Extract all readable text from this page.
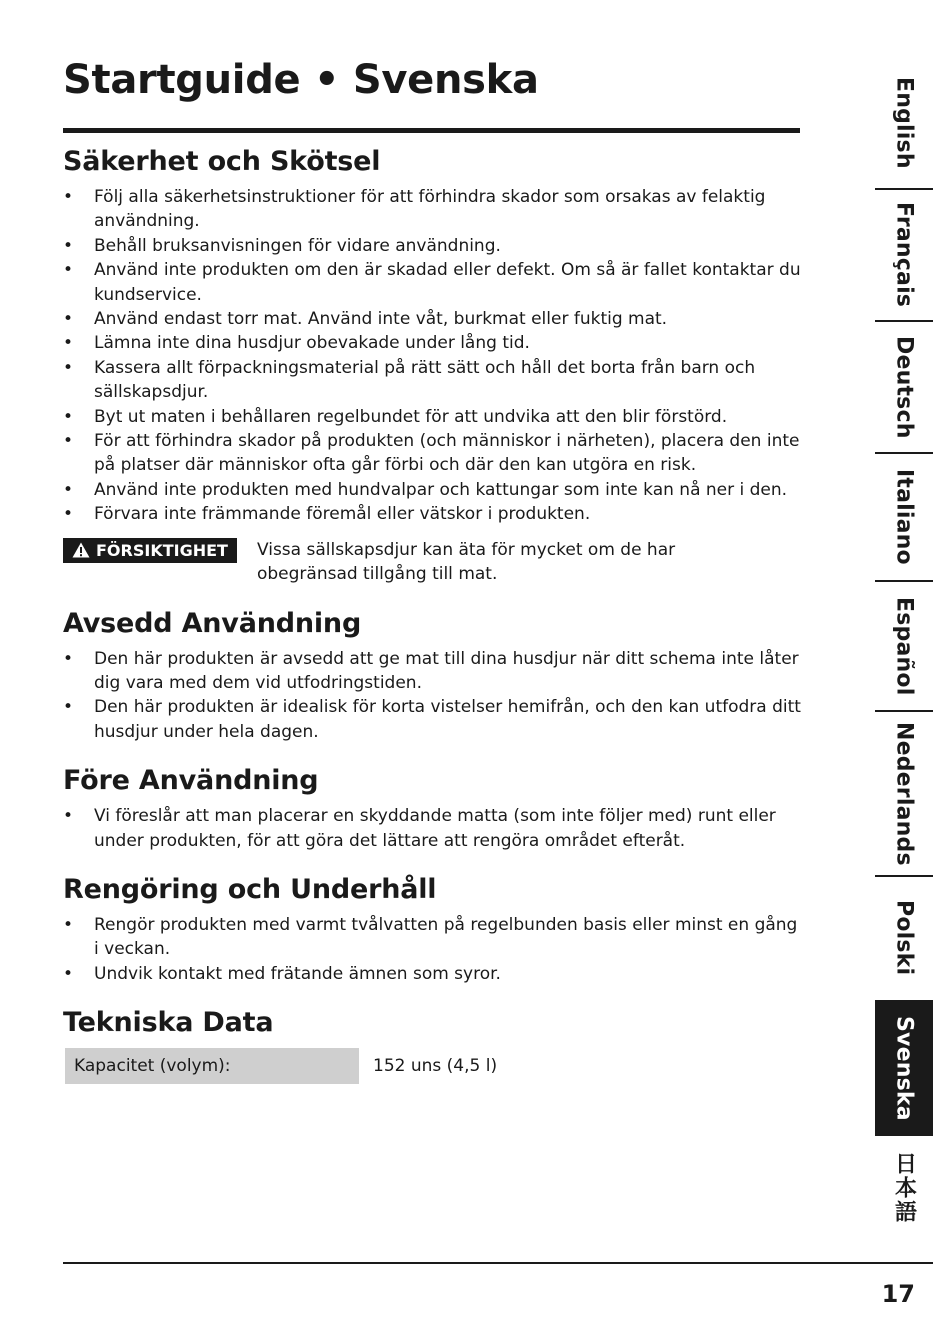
Startguide • Svenska
Säkerhet och Skötsel
• Följ alla säkerhetsinstruktioner för att förhindra skador som orsakas av felaktig användning.
• Behåll bruksanvisningen för vidare användning.
• Använd inte produkten om den är skadad eller defekt. Om så är fallet kontaktar du kundservice.
• Använd endast torr mat. Använd inte våt, burkmat eller fuktig mat.
• Lämna inte dina husdjur obevakade under lång tid.
• Kassera allt förpackningsmaterial på rätt sätt och håll det borta från barn och sällskapsdjur.
• Byt ut maten i behållaren regelbundet för att undvika att den blir förstörd.
• För att förhindra skador på produkten (och människor i närheten), placera den inte på platser där människor ofta går förbi och där den kan utgöra en risk.
• Använd inte produkten med hundvalpar och kattungar som inte kan nå ner i den.
• Förvara inte främmande föremål eller vätskor i produkten.
FÖRSIKTIGHET Vissa sällskapsdjur kan äta för mycket om de har obegränsad tillgång till mat.
Avsedd Användning
• Den här produkten är avsedd att ge mat till dina husdjur när ditt schema inte låter dig vara med dem vid utfodringstiden.
• Den här produkten är idealisk för korta vistelser hemifrån, och den kan utfodra ditt husdjur under hela dagen.
Före Användning
• Vi föreslår att man placerar en skyddande matta (som inte följer med) runt eller under produkten, för att göra det lättare att rengöra området efteråt.
Rengöring och Underhåll
• Rengör produkten med varmt tvålvatten på regelbunden basis eller minst en gång i veckan.
• Undvik kontakt med frätande ämnen som syror.
Tekniska Data
Kapacitet (volym):	152 uns (4,5 l)
English
Français
Deutsch
Italiano
Español
Nederlands
Polski
Svenska
日本語
17
